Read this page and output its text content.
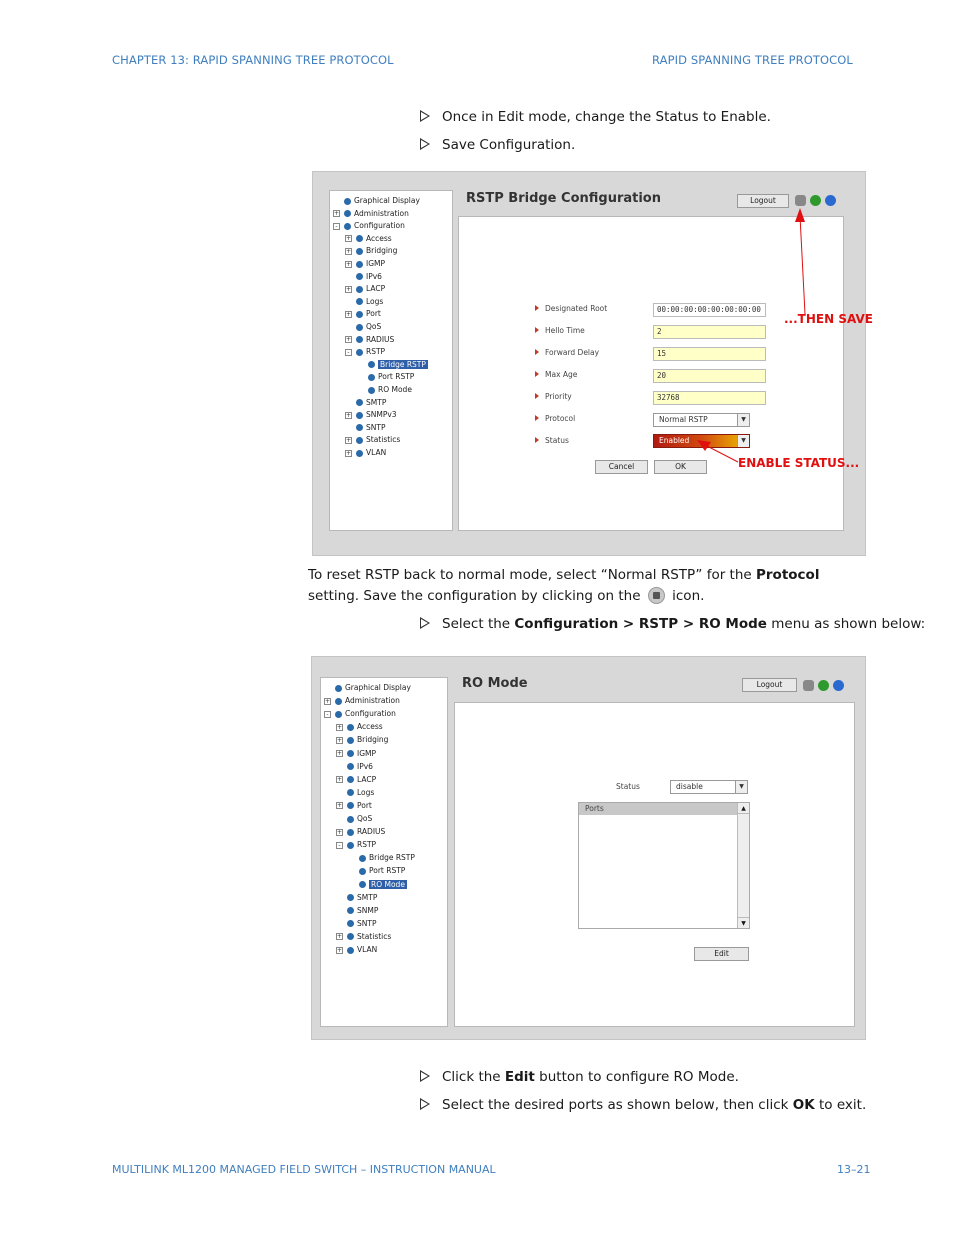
CHAPTER 13: RAPID SPANNING TREE PROTOCOL	RAPID SPANNING TREE PROTOCOL
Once in Edit mode, change the Status to Enable.
Save Configuration.
Graphical Display
+ Administration
- Configuration
+ Access
+ Bridging
+ IGMP
IPv6
+ LACP
Logs
+ Port
QoS
+ RADIUS
- RSTP
Bridge RSTP
Port RSTP
RO Mode
SMTP
+ SNMPv3
SNTP
+ Statistics
+ VLAN
RSTP Bridge Configuration	Logout
Protocol	Normal RSTP	▼
Status	Enabled	▼
Cancel	OK
...THEN SAVE
ENABLE STATUS...
Designated Root	00:00:00:00:00:00:00:00
Hello Time	2
Forward Delay	15
Max Age	20
Priority	32768
To reset RSTP back to normal mode, select “Normal RSTP” for the Protocol setting. Save the configuration by clicking on the
icon.
Select the Configuration > RSTP > RO Mode menu as shown below:
Graphical Display
+ Administration
- Configuration
+ Access
+ Bridging
+ IGMP
IPv6
+ LACP
Logs
+ Port
QoS
+ RADIUS
- RSTP
Bridge RSTP
Port RSTP
RO Mode
SMTP
SNMP
SNTP
+ Statistics
+ VLAN
RO Mode	Logout
Status	disable	▼
Ports	▲
▼
Edit
Click the Edit button to configure RO Mode.
Select the desired ports as shown below, then click OK to exit.
MULTILINK ML1200 MANAGED FIELD SWITCH – INSTRUCTION MANUAL	13–21
